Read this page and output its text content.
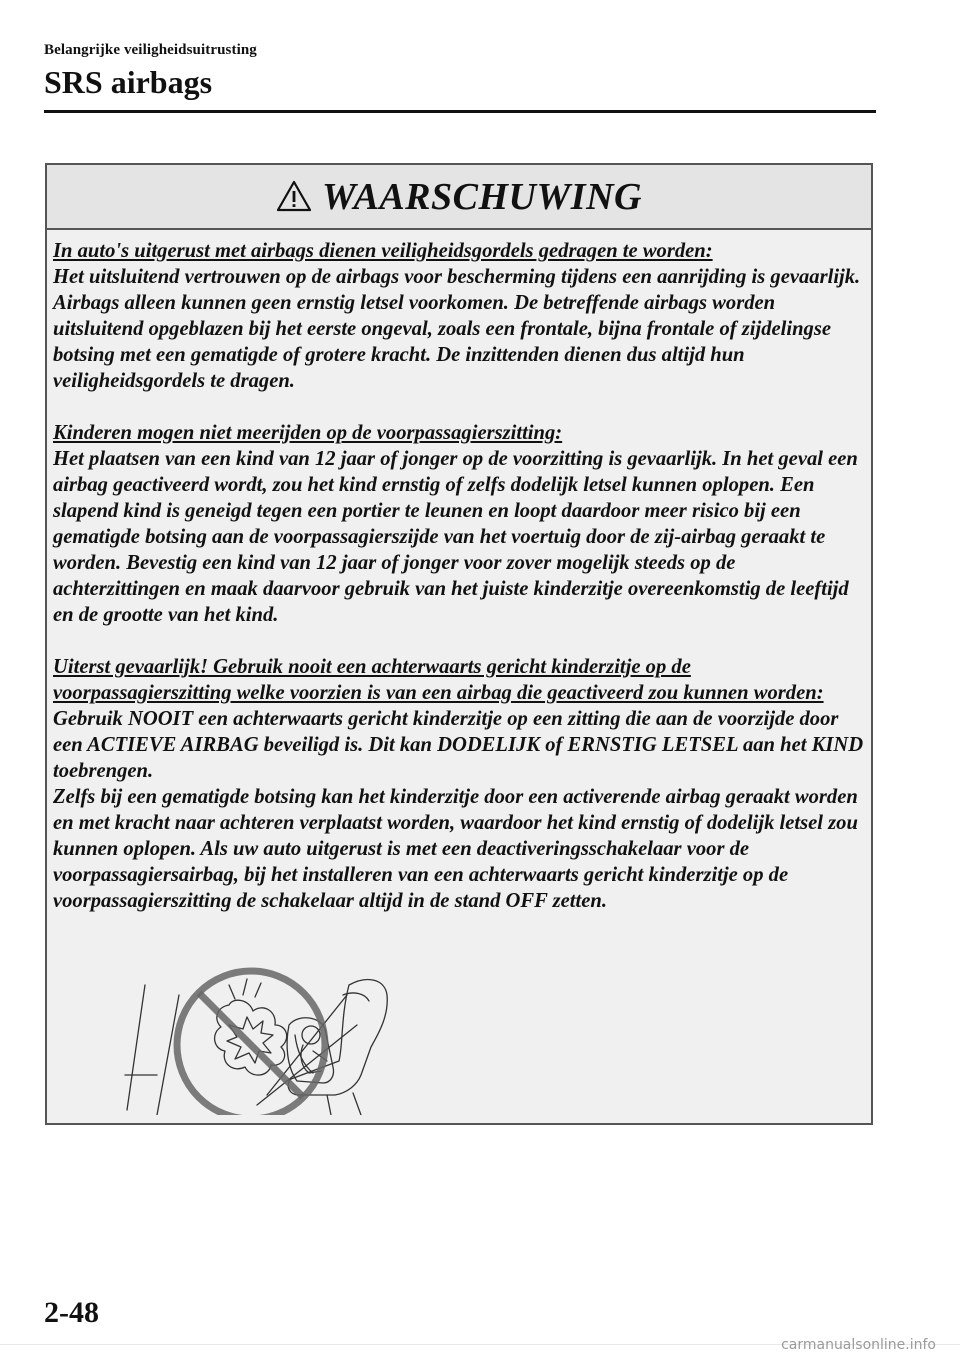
Belangrijke veiligheidsuitrusting
SRS airbags
WAARSCHUWING
In auto's uitgerust met airbags dienen veiligheidsgordels gedragen te worden:
Het uitsluitend vertrouwen op de airbags voor bescherming tijdens een aanrijding is gevaarlijk. Airbags alleen kunnen geen ernstig letsel voorkomen. De betreffende airbags worden uitsluitend opgeblazen bij het eerste ongeval, zoals een frontale, bijna frontale of zijdelingse botsing met een gematigde of grotere kracht. De inzittenden dienen dus altijd hun veiligheidsgordels te dragen.
Kinderen mogen niet meerijden op de voorpassagierszitting:
Het plaatsen van een kind van 12 jaar of jonger op de voorzitting is gevaarlijk. In het geval een airbag geactiveerd wordt, zou het kind ernstig of zelfs dodelijk letsel kunnen oplopen. Een slapend kind is geneigd tegen een portier te leunen en loopt daardoor meer risico bij een gematigde botsing aan de voorpassagierszijde van het voertuig door de zij-airbag geraakt te worden. Bevestig een kind van 12 jaar of jonger voor zover mogelijk steeds op de achterzittingen en maak daarvoor gebruik van het juiste kinderzitje overeenkomstig de leeftijd en de grootte van het kind.
Uiterst gevaarlijk! Gebruik nooit een achterwaarts gericht kinderzitje op de voorpassagierszitting welke voorzien is van een airbag die geactiveerd zou kunnen worden:
Gebruik NOOIT een achterwaarts gericht kinderzitje op een zitting die aan de voorzijde door een ACTIEVE AIRBAG beveiligd is. Dit kan DODELIJK of ERNSTIG LETSEL aan het KIND toebrengen.
Zelfs bij een gematigde botsing kan het kinderzitje door een activerende airbag geraakt worden en met kracht naar achteren verplaatst worden, waardoor het kind ernstig of dodelijk letsel zou kunnen oplopen. Als uw auto uitgerust is met een deactiveringsschakelaar voor de voorpassagiersairbag, bij het installeren van een achterwaarts gericht kinderzitje op de voorpassagierszitting de schakelaar altijd in de stand OFF zetten.
2-48
carmanualsonline.info
